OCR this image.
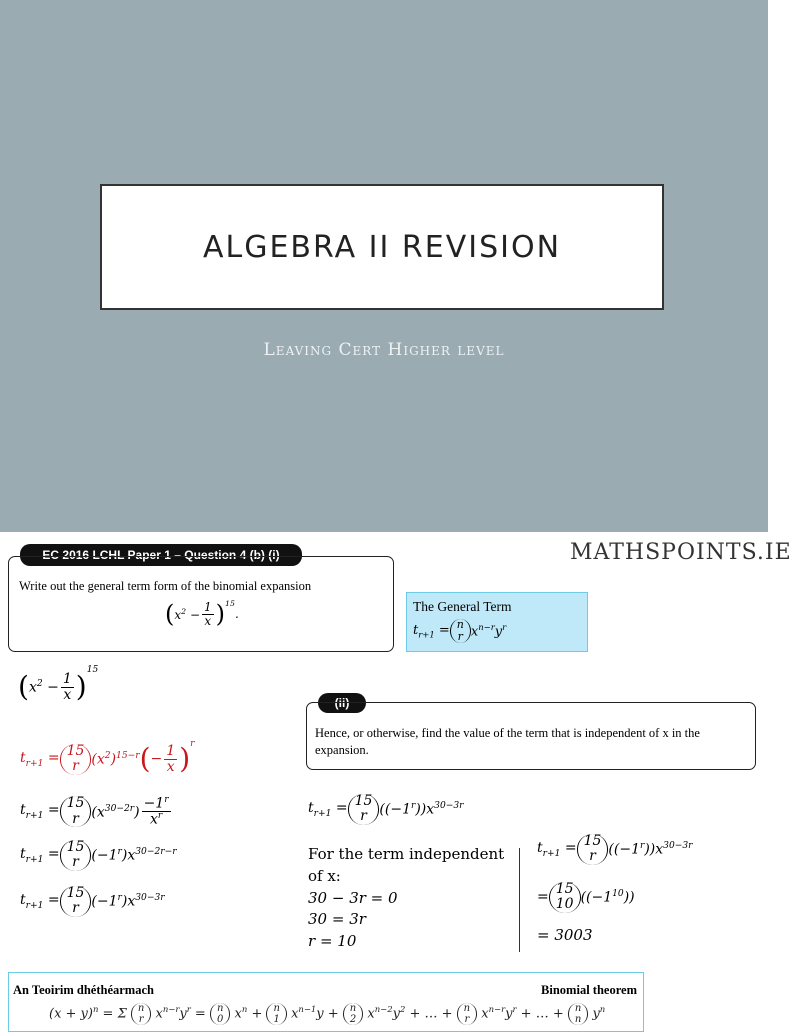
ALGEBRA II REVISION
Leaving Cert Higher level
EC 2016 LCHL Paper 1 – Question 4 (b) (i)	MATHSPOINTS.IE
Write out the general term form of the binomial expansion
( $x^2 - \frac{1}{x} )^{15}$
.
The General Term
$t_{r+1} = n$
r $x^{n-r}y^r$
( $x^2 - \frac{1}{x} )^{15}$
$t_{r+1} = 15$
r $(x^2)^{15-r}$ ( − $\frac{1}{x} )^r$
$t_{r+1} = 15$
r $(x^{30-2r}) \frac{-1^r}{x^r}$
$t_{r+1} = 15$
r $(-1^r)x^{30-2r-r}$
$t_{r+1} = 15$
r $(-1^r)x^{30-3r}$
(ii)
Hence, or otherwise, find the value of the term that is independent of x in the expansion.
$t_{r+1} = 15$
r $((-1^r))x^{30-3r}$
For the term independent
of x:
30 − 3r = 0
30 = 3r
r = 10
$t_{r+1} = 15$
r $((-1^r))x^{30-3r}$
=
15
10 $((-1^{10}))$
= 3003
An Teoirim dhéthéarmach	Binomial theorem
$(x + y)^n = \Sigma$ n
r $x^{n-r}y^r = n$
0 $x^n + n$
1 $x^{n-1}y + n$
2 $x^{n-2}y^2$ + … + n
r $x^{n-r}y^r$ + … + n
n $y^n$
